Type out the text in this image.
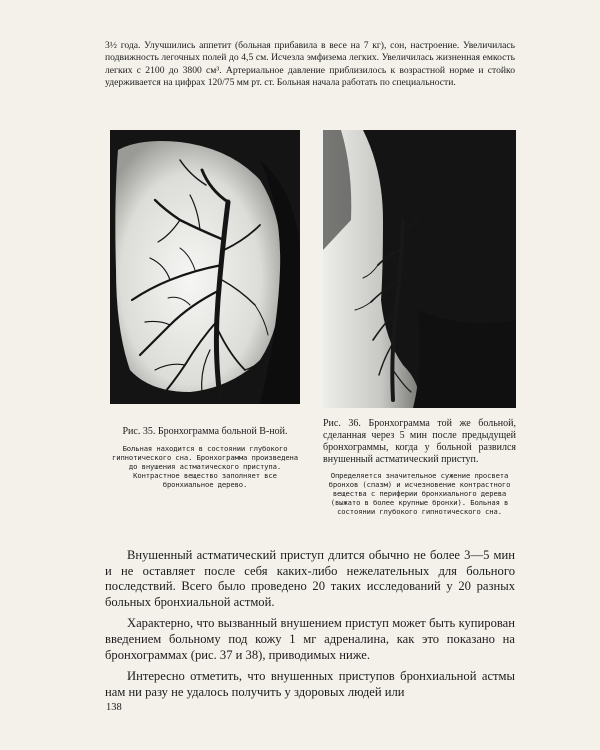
3½ года. Улучшились аппетит (больная прибавила в весе на 7 кг), сон, настроение. Увеличилась подвижность легочных полей до 4,5 см. Исчезла эмфизема легких. Увеличилась жизненная емкость легких с 2100 до 3800 см³. Артериальное давление приблизилось к возрастной норме и стойко удерживается на цифрах 120/75 мм рт. ст. Больная начала работать по специальности.

Рис. 35. Бронхограмма больной В-ной.

Больная находится в состоянии глубокого гипнотического сна. Бронхограмма произведена до внушения астматического приступа. Контрастное вещество заполняет все бронхиальное дерево.

Рис. 36. Бронхограмма той же больной, сделанная через 5 мин после предыдущей бронхограммы, когда у больной развился внушенный астматический приступ.

Определяется значительное сужение просвета бронхов (спазм) и исчезновение контрастного вещества с периферии бронхиального дерева (выжато в более крупные бронхи). Больная в состоянии глубокого гипнотического сна.

Внушенный астматический приступ длится обычно не более 3—5 мин и не оставляет после себя каких-либо нежелательных для больного последствий. Всего было проведено 20 таких исследований у 20 разных больных бронхиальной астмой.

Характерно, что вызванный внушением приступ может быть купирован введением больному под кожу 1 мг адреналина, как это показано на бронхограммах (рис. 37 и 38), приводимых ниже.

Интересно отметить, что внушенных приступов бронхиальной астмы нам ни разу не удалось получить у здоровых людей или

138
